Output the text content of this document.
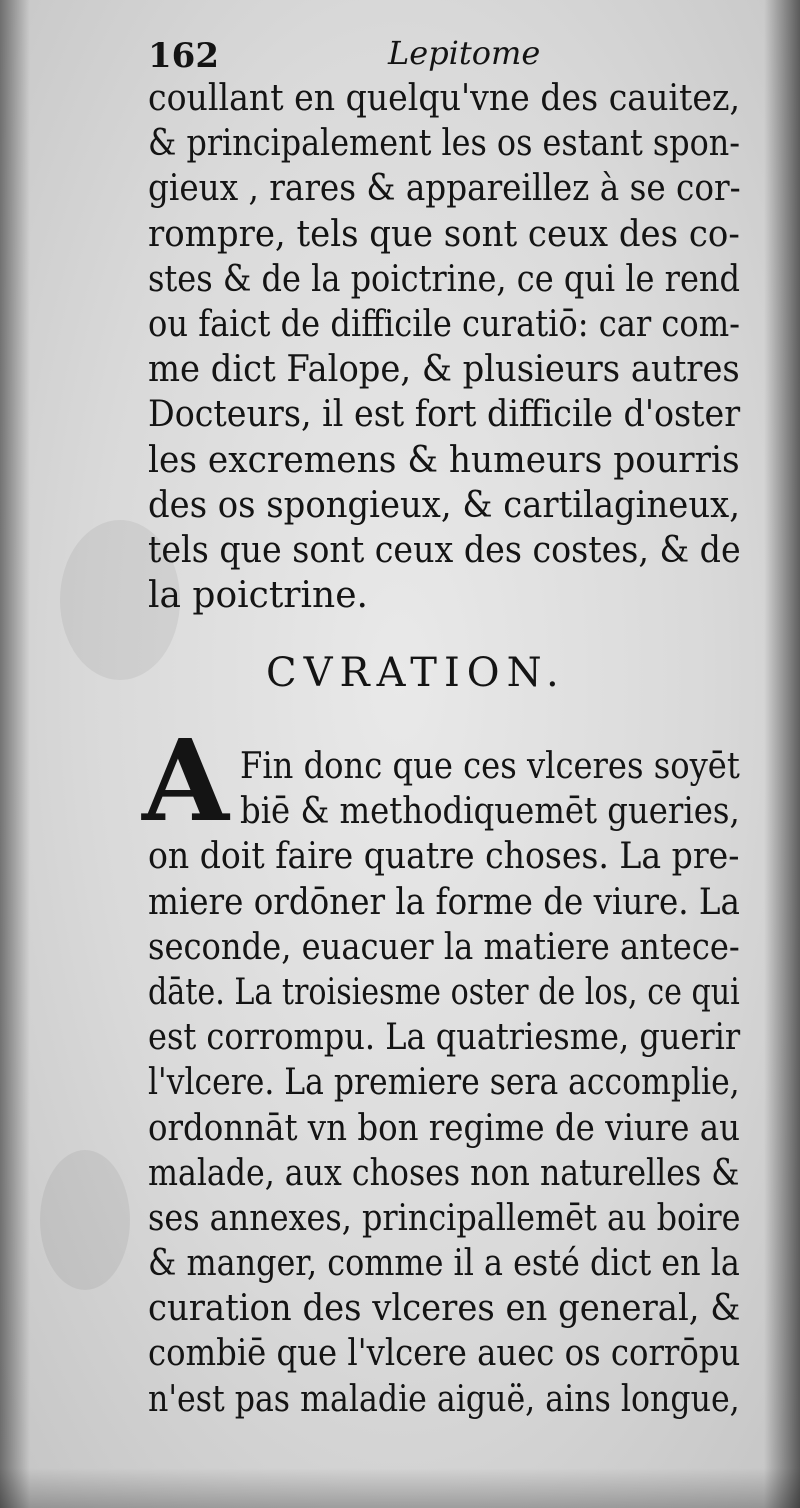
162	Lepitome
coullant en quelqu'vne des cauitez,
& principalement les os estant spon-
gieux , rares & appareillez à se cor-
rompre, tels que sont ceux des co-
stes & de la poictrine, ce qui le rend
ou faict de difficile curatiō: car com-
me dict Falope, & plusieurs autres
Docteurs, il est fort difficile d'oster
les excremens & humeurs pourris
des os spongieux, & cartilagineux,
tels que sont ceux des costes, & de
la poictrine.
CVRATION.
A Fin donc que ces vlceres soyēt
biē & methodiquemēt gueries,
on doit faire quatre choses. La pre-
miere ordōner la forme de viure. La
seconde, euacuer la matiere antece-
dāte. La troisiesme oster de los, ce qui
est corrompu. La quatriesme, guerir
l'vlcere. La premiere sera accomplie,
ordonnāt vn bon regime de viure au
malade, aux choses non naturelles &
ses annexes, principallemēt au boire
& manger, comme il a esté dict en la
curation des vlceres en general, &
combiē que l'vlcere auec os corrōpu
n'est pas maladie aiguë, ains longue,
